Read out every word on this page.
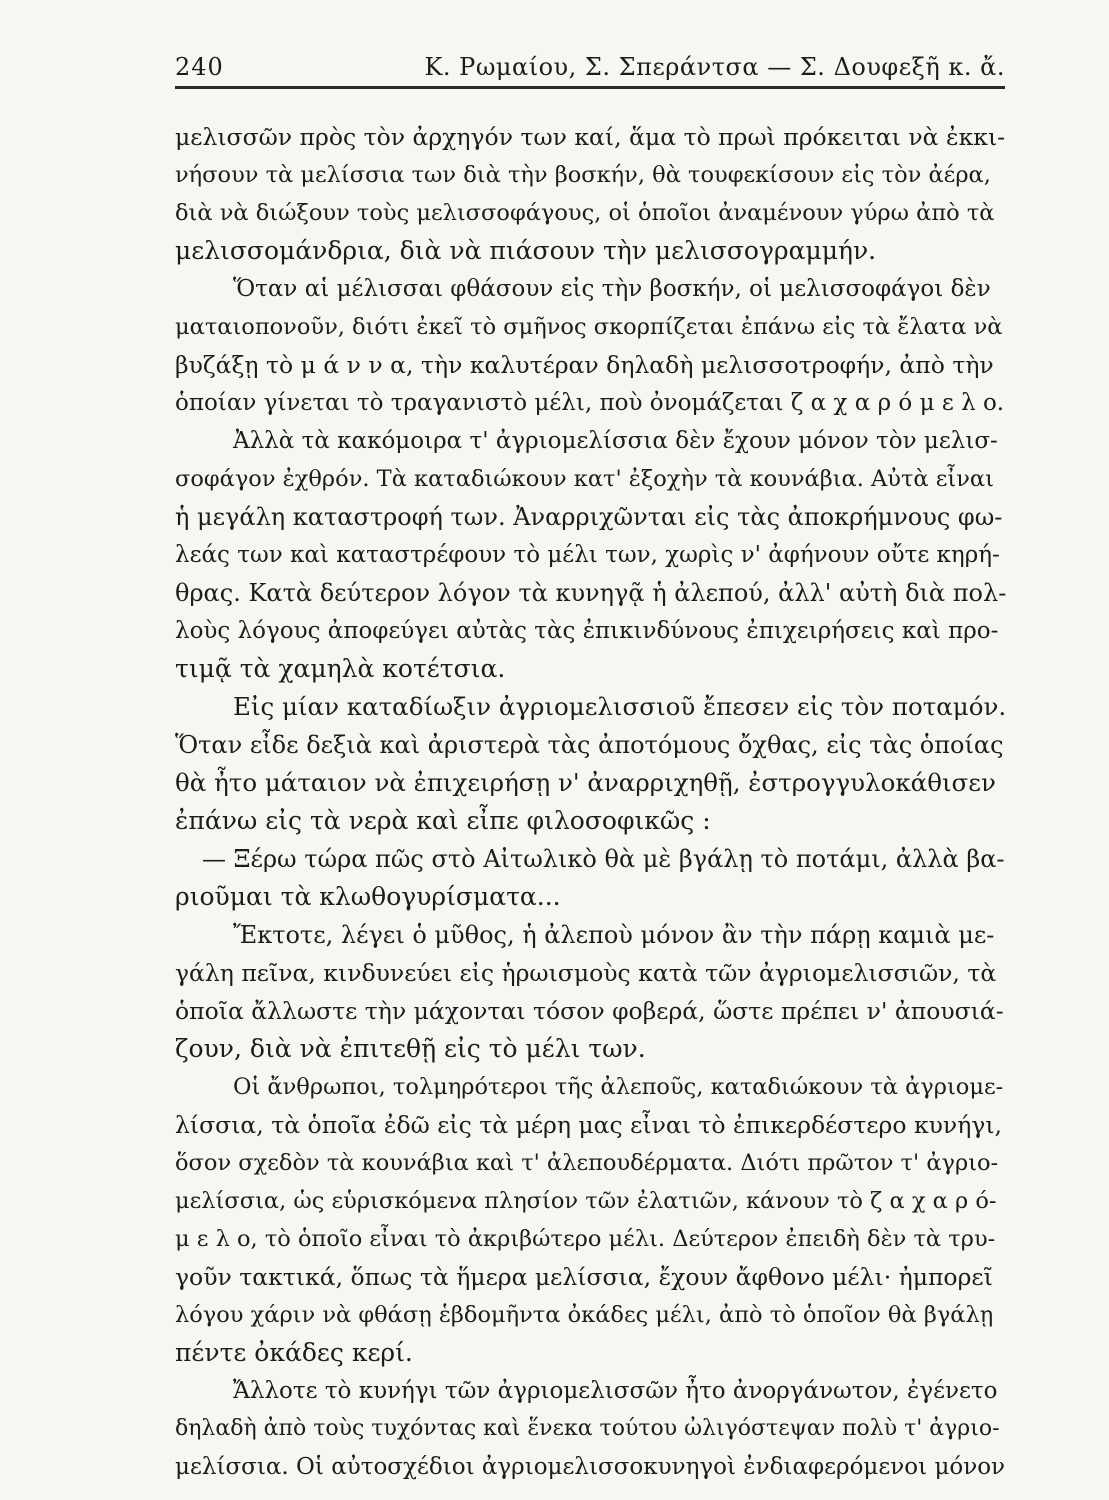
240	Κ. Ρωμαίου, Σ. Σπεράντσα — Σ. Δουφεξῆ κ. ἄ.
μελισσῶν πρὸς τὸν ἀρχηγόν των καί, ἅμα τὸ πρωὶ πρόκειται νὰ ἐκκι-
νήσουν τὰ μελίσσια των διὰ τὴν βοσκήν, θὰ τουφεκίσουν εἰς τὸν ἀέρα,
διὰ νὰ διώξουν τοὺς μελισσοφάγους, οἱ ὁποῖοι ἀναμένουν γύρω ἀπὸ τὰ
μελισσομάνδρια, διὰ νὰ πιάσουν τὴν μελισσογραμμήν.
Ὅταν αἱ μέλισσαι φθάσουν εἰς τὴν βοσκήν, οἱ μελισσοφάγοι δὲν
ματαιοπονοῦν, διότι ἐκεῖ τὸ σμῆνος σκορπίζεται ἐπάνω εἰς τὰ ἔλατα νὰ
βυζάξῃ τὸ μ ά ν ν α, τὴν καλυτέραν δηλαδὴ μελισσοτροφήν, ἀπὸ τὴν
ὁποίαν γίνεται τὸ τραγανιστὸ μέλι, ποὺ ὀνομάζεται ζ α χ α ρ ό μ ε λ ο.
Ἀλλὰ τὰ κακόμοιρα τ' ἀγριομελίσσια δὲν ἔχουν μόνον τὸν μελισ-
σοφάγον ἐχθρόν. Τὰ καταδιώκουν κατ' ἐξοχὴν τὰ κουνάβια. Αὐτὰ εἶναι
ἡ μεγάλη καταστροφή των. Ἀναρριχῶνται εἰς τὰς ἀποκρήμνους φω-
λεάς των καὶ καταστρέφουν τὸ μέλι των, χωρὶς ν' ἀφήνουν οὔτε κηρή-
θρας. Κατὰ δεύτερον λόγον τὰ κυνηγᾷ ἡ ἀλεπού, ἀλλ' αὐτὴ διὰ πολ-
λοὺς λόγους ἀποφεύγει αὐτὰς τὰς ἐπικινδύνους ἐπιχειρήσεις καὶ προ-
τιμᾷ τὰ χαμηλὰ κοτέτσια.
Εἰς μίαν καταδίωξιν ἀγριομελισσιοῦ ἔπεσεν εἰς τὸν ποταμόν.
Ὅταν εἶδε δεξιὰ καὶ ἀριστερὰ τὰς ἀποτόμους ὄχθας, εἰς τὰς ὁποίας
θὰ ἦτο μάταιον νὰ ἐπιχειρήσῃ ν' ἀναρριχηθῇ, ἐστρογγυλοκάθισεν
ἐπάνω εἰς τὰ νερὰ καὶ εἶπε φιλοσοφικῶς :
— Ξέρω τώρα πῶς στὸ Αἰτωλικὸ θὰ μὲ βγάλῃ τὸ ποτάμι, ἀλλὰ βα-
ριοῦμαι τὰ κλωθογυρίσματα...
Ἔκτοτε, λέγει ὁ μῦθος, ἡ ἀλεποὺ μόνον ἂν τὴν πάρῃ καμιὰ με-
γάλη πεῖνα, κινδυνεύει εἰς ἡρωισμοὺς κατὰ τῶν ἀγριομελισσιῶν, τὰ
ὁποῖα ἄλλωστε τὴν μάχονται τόσον φοβερά, ὥστε πρέπει ν' ἀπουσιά-
ζουν, διὰ νὰ ἐπιτεθῇ εἰς τὸ μέλι των.
Οἱ ἄνθρωποι, τολμηρότεροι τῆς ἀλεποῦς, καταδιώκουν τὰ ἀγριομε-
λίσσια, τὰ ὁποῖα ἐδῶ εἰς τὰ μέρη μας εἶναι τὸ ἐπικερδέστερο κυνήγι,
ὅσον σχεδὸν τὰ κουνάβια καὶ τ' ἀλεπουδέρματα. Διότι πρῶτον τ' ἀγριο-
μελίσσια, ὡς εὑρισκόμενα πλησίον τῶν ἐλατιῶν, κάνουν τὸ ζ α χ α ρ ό-
μ ε λ ο, τὸ ὁποῖο εἶναι τὸ ἀκριβώτερο μέλι. Δεύτερον ἐπειδὴ δὲν τὰ τρυ-
γοῦν τακτικά, ὅπως τὰ ἥμερα μελίσσια, ἔχουν ἄφθονο μέλι· ἠμπορεῖ
λόγου χάριν νὰ φθάσῃ ἑβδομῆντα ὀκάδες μέλι, ἀπὸ τὸ ὁποῖον θὰ βγάλῃ
πέντε ὀκάδες κερί.
Ἄλλοτε τὸ κυνήγι τῶν ἀγριομελισσῶν ἦτο ἀνοργάνωτον, ἐγένετο
δηλαδὴ ἀπὸ τοὺς τυχόντας καὶ ἕνεκα τούτου ὠλιγόστεψαν πολὺ τ' ἀγριο-
μελίσσια. Οἱ αὐτοσχέδιοι ἀγριομελισσοκυνηγοὶ ἐνδιαφερόμενοι μόνον
